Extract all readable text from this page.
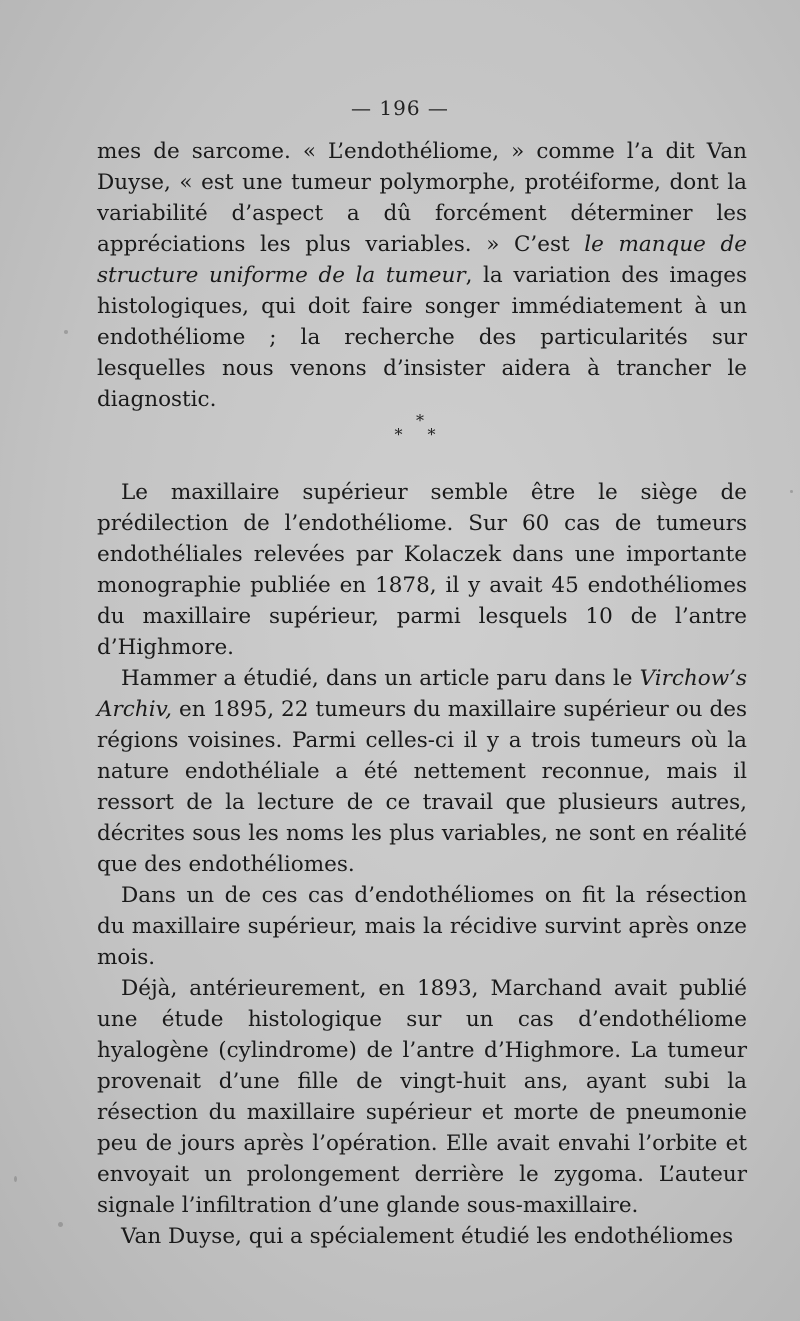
— 196 —

mes de sarcome. « L’endothéliome, » comme l’a dit Van Duyse, « est une tumeur polymorphe, protéiforme, dont la variabilité d’aspect a dû forcément déterminer les appréciations les plus variables. » C’est le manque de structure uniforme de la tumeur, la variation des images histologiques, qui doit faire songer immédiatement à un endothéliome ; la recherche des particularités sur lesquelles nous venons d’insister aidera à trancher le diagnostic.

*
* *

Le maxillaire supérieur semble être le siège de prédilection de l’endothéliome. Sur 60 cas de tumeurs endothéliales relevées par Kolaczek dans une importante monographie publiée en 1878, il y avait 45 endothéliomes du maxillaire supérieur, parmi lesquels 10 de l’antre d’Highmore.

Hammer a étudié, dans un article paru dans le Virchow’s Archiv, en 1895, 22 tumeurs du maxillaire supérieur ou des régions voisines. Parmi celles-ci il y a trois tumeurs où la nature endothéliale a été nettement reconnue, mais il ressort de la lecture de ce travail que plusieurs autres, décrites sous les noms les plus variables, ne sont en réalité que des endothéliomes.

Dans un de ces cas d’endothéliomes on fit la résection du maxillaire supérieur, mais la récidive survint après onze mois.

Déjà, antérieurement, en 1893, Marchand avait publié une étude histologique sur un cas d’endothéliome hyalogène (cylindrome) de l’antre d’Highmore. La tumeur provenait d’une fille de vingt-huit ans, ayant subi la résection du maxillaire supérieur et morte de pneumonie peu de jours après l’opération. Elle avait envahi l’orbite et envoyait un prolongement derrière le zygoma. L’auteur signale l’infiltration d’une glande sous-maxillaire.

Van Duyse, qui a spécialement étudié les endothéliomes
